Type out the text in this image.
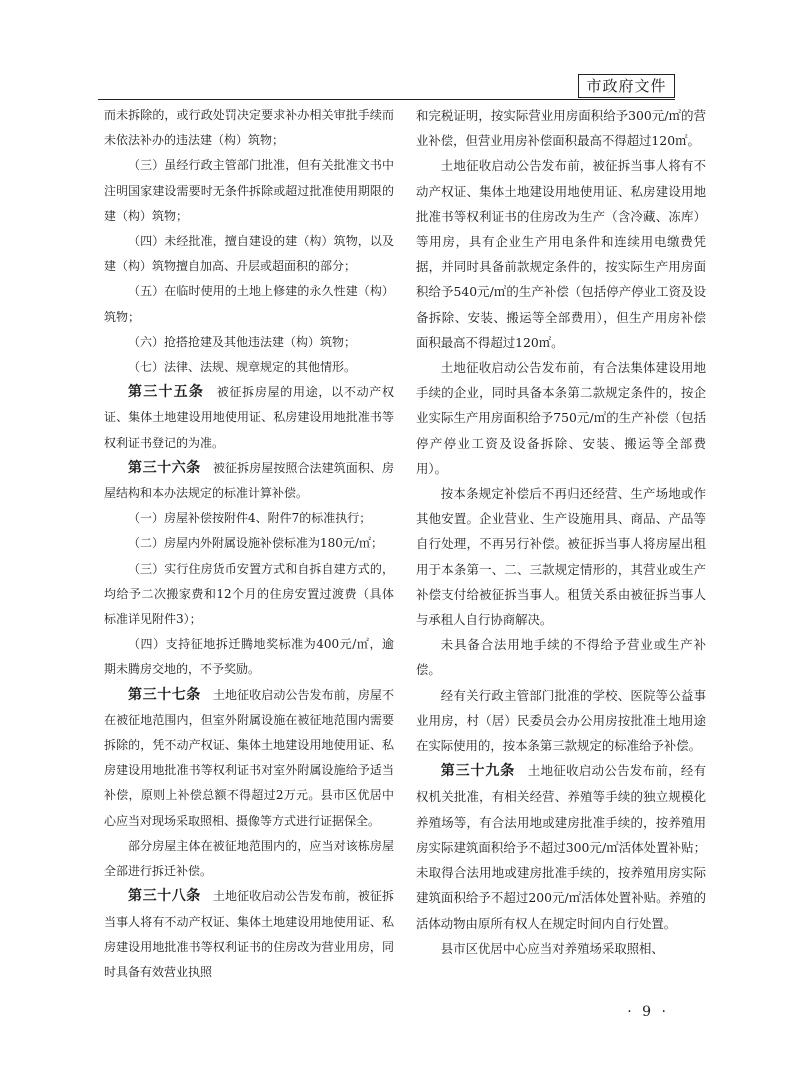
市政府文件

而未拆除的，或行政处罚决定要求补办相关审批手续而未依法补办的违法建（构）筑物；

（三）虽经行政主管部门批准，但有关批准文书中注明国家建设需要时无条件拆除或超过批准使用期限的建（构）筑物；

（四）未经批准，擅自建设的建（构）筑物，以及建（构）筑物擅自加高、升层或超面积的部分；

（五）在临时使用的土地上修建的永久性建（构）筑物；

（六）抢搭抢建及其他违法建（构）筑物；

（七）法律、法规、规章规定的其他情形。

第三十五条　 被征拆房屋的用途，以不动产权证、集体土地建设用地使用证、私房建设用地批准书等权利证书登记的为准。

第三十六条　 被征拆房屋按照合法建筑面积、房屋结构和本办法规定的标准计算补偿。

（一）房屋补偿按附件4、附件7的标准执行；

（二）房屋内外附属设施补偿标准为180元/㎡；

（三）实行住房货币安置方式和自拆自建方式的，均给予二次搬家费和12个月的住房安置过渡费（具体标准详见附件3）；

（四）支持征地拆迁腾地奖标准为400元/㎡，逾期未腾房交地的，不予奖励。

第三十七条　 土地征收启动公告发布前，房屋不在被征地范围内，但室外附属设施在被征地范围内需要拆除的，凭不动产权证、集体土地建设用地使用证、私房建设用地批准书等权利证书对室外附属设施给予适当补偿，原则上补偿总额不得超过2万元。县市区优居中心应当对现场采取照相、摄像等方式进行证据保全。

部分房屋主体在被征地范围内的，应当对该栋房屋全部进行拆迁补偿。

第三十八条　 土地征收启动公告发布前，被征拆当事人将有不动产权证、集体土地建设用地使用证、私房建设用地批准书等权利证书的住房改为营业用房，同时具备有效营业执照

和完税证明，按实际营业用房面积给予300元/㎡的营业补偿，但营业用房补偿面积最高不得超过120㎡。

土地征收启动公告发布前，被征拆当事人将有不动产权证、集体土地建设用地使用证、私房建设用地批准书等权利证书的住房改为生产（含冷藏、冻库）等用房，具有企业生产用电条件和连续用电缴费凭据，并同时具备前款规定条件的，按实际生产用房面积给予540元/㎡的生产补偿（包括停产停业工资及设备拆除、安装、搬运等全部费用），但生产用房补偿面积最高不得超过120㎡。

土地征收启动公告发布前，有合法集体建设用地手续的企业，同时具备本条第二款规定条件的，按企业实际生产用房面积给予750元/㎡的生产补偿（包括停产停业工资及设备拆除、安装、搬运等全部费用）。

按本条规定补偿后不再归还经营、生产场地或作其他安置。企业营业、生产设施用具、商品、产品等自行处理，不再另行补偿。被征拆当事人将房屋出租用于本条第一、二、三款规定情形的，其营业或生产补偿支付给被征拆当事人。租赁关系由被征拆当事人与承租人自行协商解决。

未具备合法用地手续的不得给予营业或生产补偿。

经有关行政主管部门批准的学校、医院等公益事业用房，村（居）民委员会办公用房按批准土地用途在实际使用的，按本条第三款规定的标准给予补偿。

第三十九条　 土地征收启动公告发布前，经有权机关批准，有相关经营、养殖等手续的独立规模化养殖场等，有合法用地或建房批准手续的，按养殖用房实际建筑面积给予不超过300元/㎡活体处置补贴；未取得合法用地或建房批准手续的，按养殖用房实际建筑面积给予不超过200元/㎡活体处置补贴。养殖的活体动物由原所有权人在规定时间内自行处置。

县市区优居中心应当对养殖场采取照相、

· 9 ·
